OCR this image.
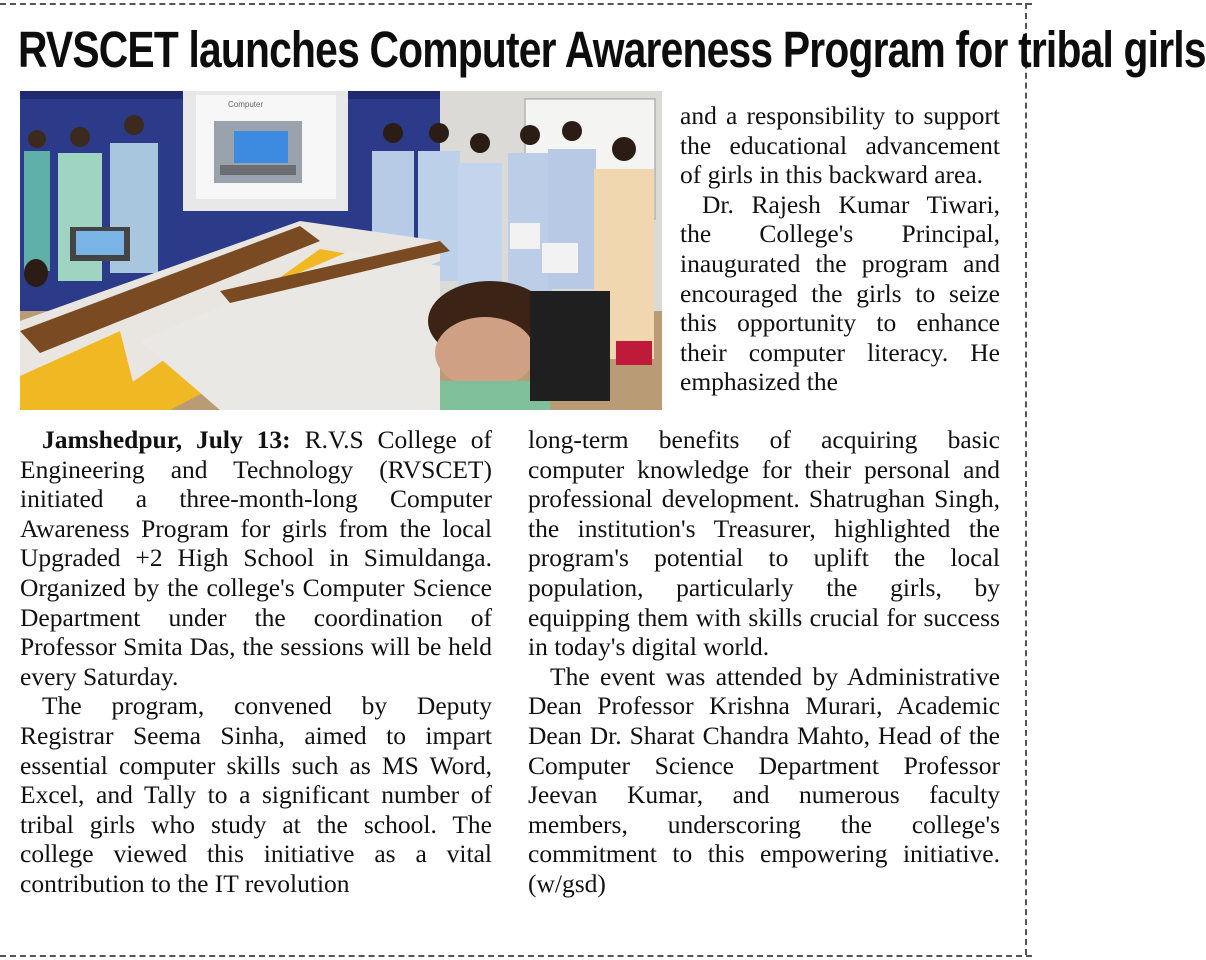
RVSCET launches Computer Awareness Program for tribal girls
Computer	and a responsibility to support the educational advancement of girls in this backward area.

Dr. Rajesh Kumar Tiwari, the College's Principal, inaugurated the program and encouraged the girls to seize this opportunity to enhance their computer literacy. He emphasized the

Jamshedpur, July 13: R.V.S College of Engineering and Technology (RVSCET) initiated a three-month-long Computer Awareness Program for girls from the local Upgraded +2 High School in Simuldanga. Organized by the college's Computer Science Department under the coordination of Professor Smita Das, the sessions will be held every Saturday.

The program, convened by Deputy Registrar Seema Sinha, aimed to impart essential computer skills such as MS Word, Excel, and Tally to a significant number of tribal girls who study at the school. The college viewed this initiative as a vital contribution to the IT revolution

long-term benefits of acquiring basic computer knowledge for their personal and professional development. Shatrughan Singh, the institution's Treasurer, highlighted the program's potential to uplift the local population, particularly the girls, by equipping them with skills crucial for success in today's digital world.

The event was attended by Administrative Dean Professor Krishna Murari, Academic Dean Dr. Sharat Chandra Mahto, Head of the Computer Science Department Professor Jeevan Kumar, and numerous faculty members, underscoring the college's commitment to this empowering initiative. (w/gsd)
